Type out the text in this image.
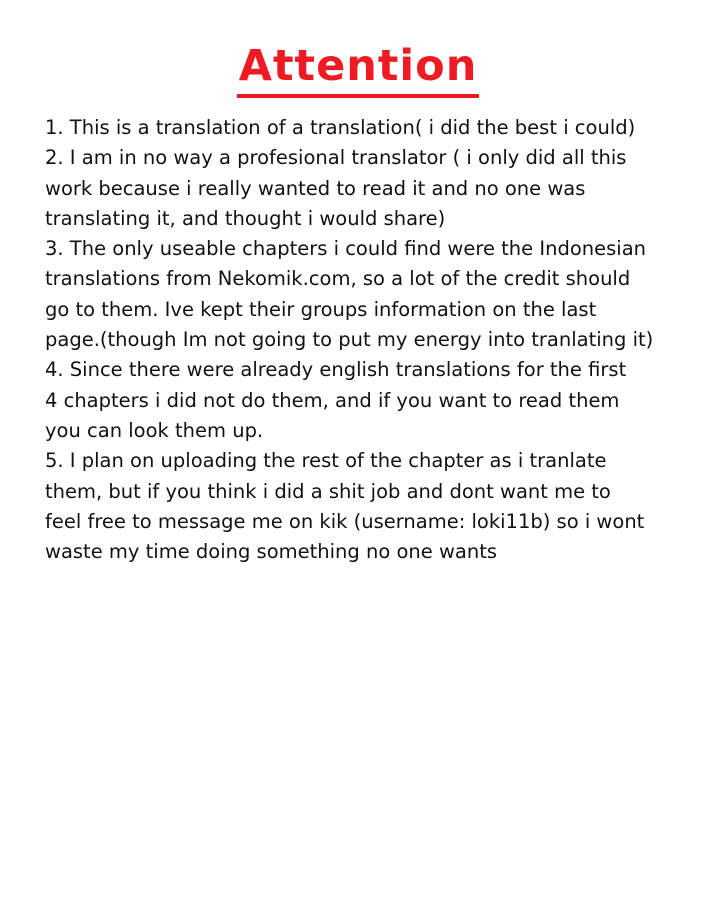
Attention
1. This is a translation of a translation( i did the best i could)
2. I am in no way a profesional translator ( i only did all this
work because i really wanted to read it and no one was
translating it, and thought i would share)
3. The only useable chapters i could find were the Indonesian
translations from Nekomik.com, so a lot of the credit should
go to them. Ive kept their groups information on the last
page.(though Im not going to put my energy into tranlating it)
4. Since there were already english translations for the first
4 chapters i did not do them, and if you want to read them
you can look them up.
5. I plan on uploading the rest of the chapter as i tranlate
them, but if you think i did a shit job and dont want me to
feel free to message me on kik (username: loki11b) so i wont
waste my time doing something no one wants
